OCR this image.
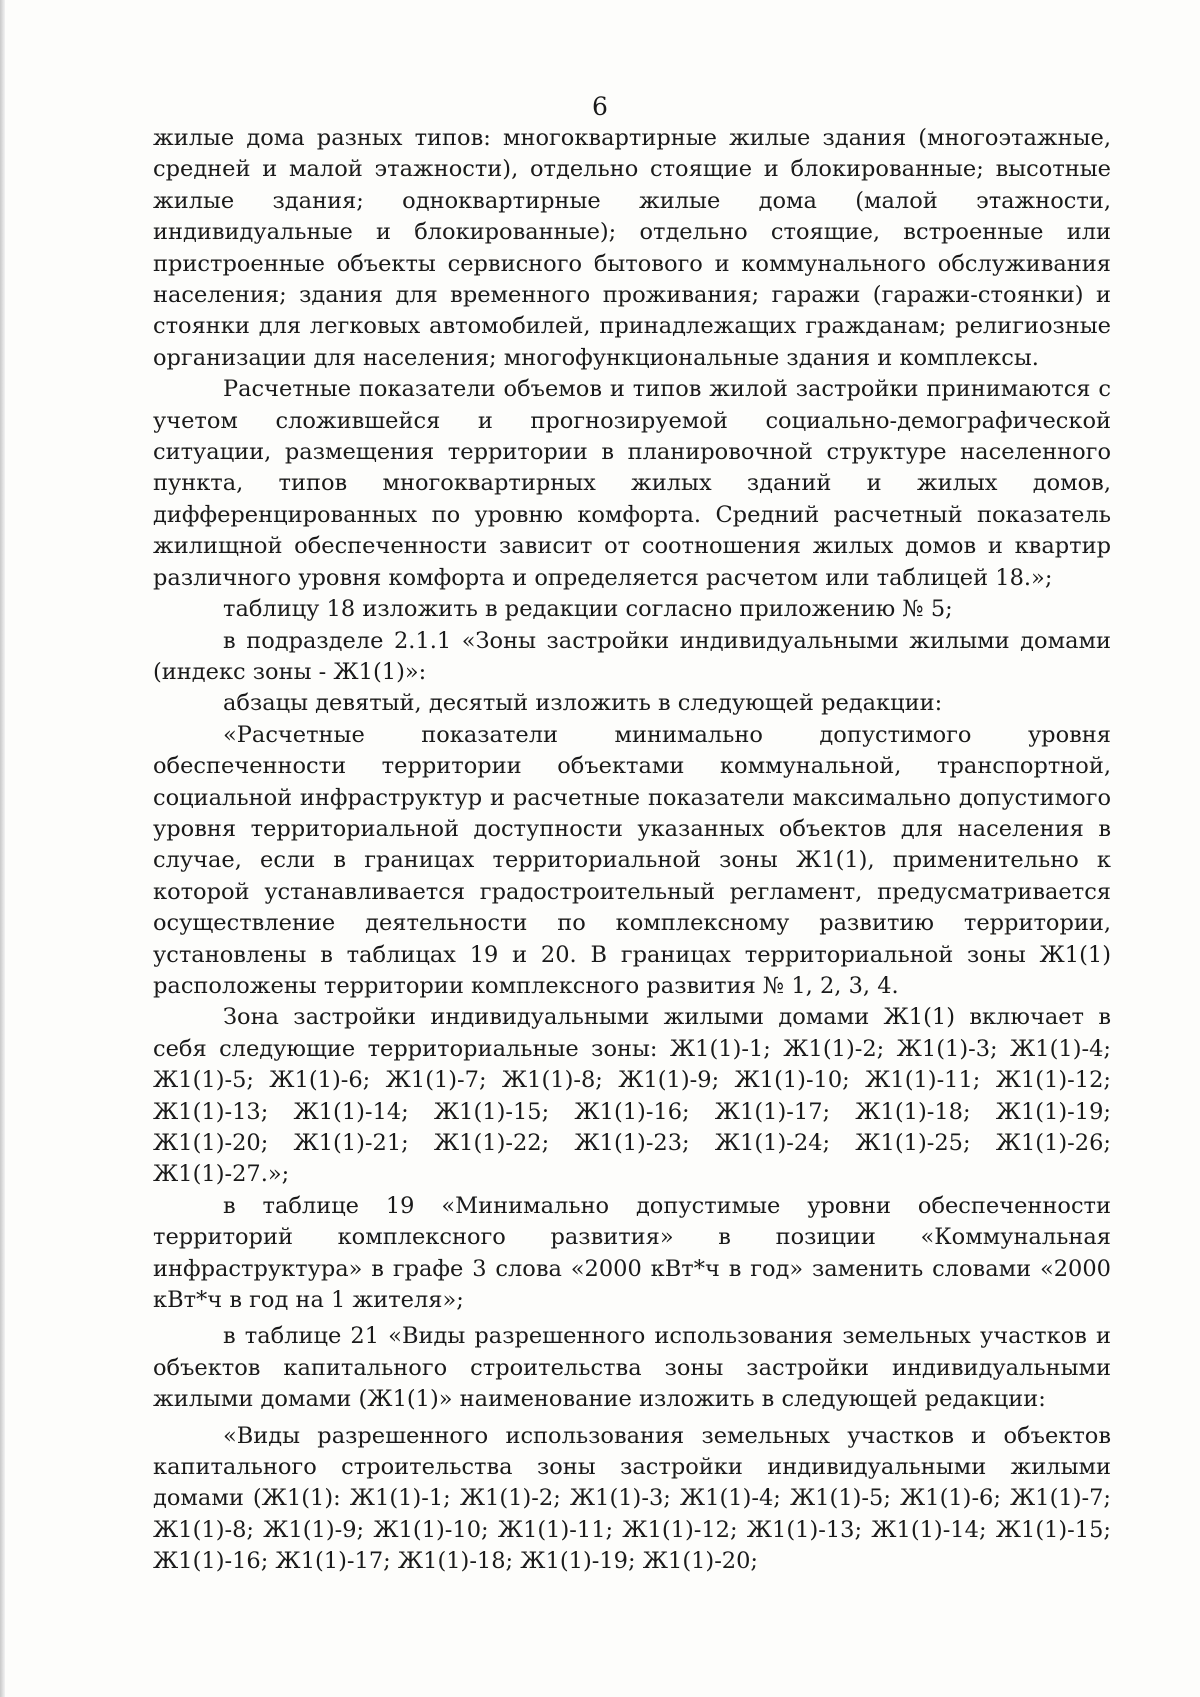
6

жилые дома разных типов: многоквартирные жилые здания (многоэтажные, средней и малой этажности), отдельно стоящие и блокированные; высотные жилые здания; одноквартирные жилые дома (малой этажности, индивидуальные и блокированные); отдельно стоящие, встроенные или пристроенные объекты сервисного бытового и коммунального обслуживания населения; здания для временного проживания; гаражи (гаражи-стоянки) и стоянки для легковых автомобилей, принадлежащих гражданам; религиозные организации для населения; многофункциональные здания и комплексы.

Расчетные показатели объемов и типов жилой застройки принимаются с учетом сложившейся и прогнозируемой социально-демографической ситуации, размещения территории в планировочной структуре населенного пункта, типов многоквартирных жилых зданий и жилых домов, дифференцированных по уровню комфорта. Средний расчетный показатель жилищной обеспеченности зависит от соотношения жилых домов и квартир различного уровня комфорта и определяется расчетом или таблицей 18.»;

таблицу 18 изложить в редакции согласно приложению № 5;

в подразделе 2.1.1 «Зоны застройки индивидуальными жилыми домами (индекс зоны - Ж1(1)»:

абзацы девятый, десятый изложить в следующей редакции:

«Расчетные показатели минимально допустимого уровня обеспеченности территории объектами коммунальной, транспортной, социальной инфраструктур и расчетные показатели максимально допустимого уровня территориальной доступности указанных объектов для населения в случае, если в границах территориальной зоны Ж1(1), применительно к которой устанавливается градостроительный регламент, предусматривается осуществление деятельности по комплексному развитию территории, установлены в таблицах 19 и 20. В границах территориальной зоны Ж1(1) расположены территории комплексного развития № 1, 2, 3, 4.

Зона застройки индивидуальными жилыми домами Ж1(1) включает в себя следующие территориальные зоны: Ж1(1)-1; Ж1(1)-2; Ж1(1)-3; Ж1(1)-4; Ж1(1)-5; Ж1(1)-6; Ж1(1)-7; Ж1(1)-8; Ж1(1)-9; Ж1(1)-10; Ж1(1)-11; Ж1(1)-12; Ж1(1)-13; Ж1(1)-14; Ж1(1)-15; Ж1(1)-16; Ж1(1)-17; Ж1(1)-18; Ж1(1)-19; Ж1(1)-20; Ж1(1)-21; Ж1(1)-22; Ж1(1)-23; Ж1(1)-24; Ж1(1)-25; Ж1(1)-26; Ж1(1)-27.»;

в таблице 19 «Минимально допустимые уровни обеспеченности территорий комплексного развития» в позиции «Коммунальная инфраструктура» в графе 3 слова «2000 кВт*ч в год» заменить словами «2000 кВт*ч в год на 1 жителя»;

в таблице 21 «Виды разрешенного использования земельных участков и объектов капитального строительства зоны застройки индивидуальными жилыми домами (Ж1(1)» наименование изложить в следующей редакции:

«Виды разрешенного использования земельных участков и объектов капитального строительства зоны застройки индивидуальными жилыми домами (Ж1(1): Ж1(1)-1; Ж1(1)-2; Ж1(1)-3; Ж1(1)-4; Ж1(1)-5; Ж1(1)-6; Ж1(1)-7; Ж1(1)-8; Ж1(1)-9; Ж1(1)-10; Ж1(1)-11; Ж1(1)-12; Ж1(1)-13; Ж1(1)-14; Ж1(1)-15; Ж1(1)-16; Ж1(1)-17; Ж1(1)-18; Ж1(1)-19; Ж1(1)-20;
